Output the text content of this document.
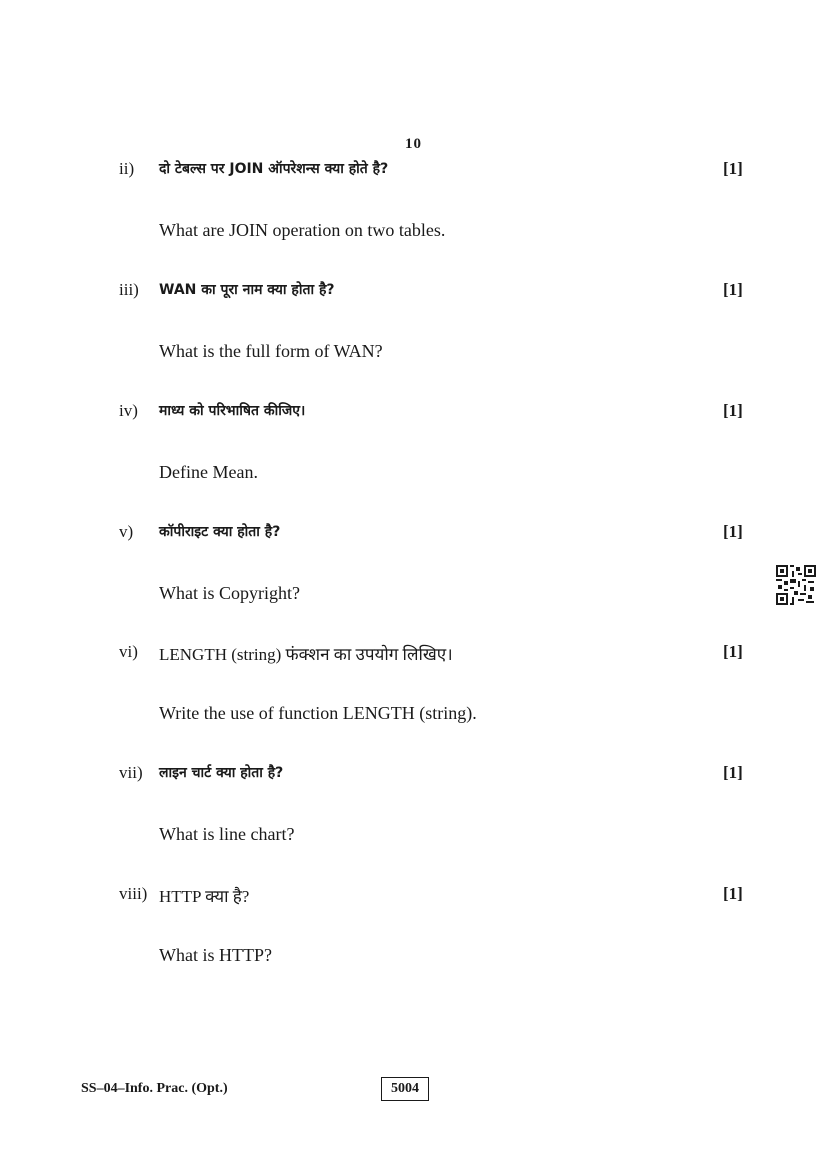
10
ii) दो टेबल्स पर JOIN ऑपरेशन्स क्या होते है?	[1]
What are JOIN operation on two tables.
iii) WAN का पूरा नाम क्या होता है?	[1]
What is the full form of WAN?
iv) माध्य को परिभाषित कीजिए।	[1]
Define Mean.
v) कॉपीराइट क्या होता है?	[1]
What is Copyright?
vi) LENGTH (string) फंक्शन का उपयोग लिखिए।	[1]
Write the use of function LENGTH (string).
vii) लाइन चार्ट क्या होता है?	[1]
What is line chart?
viii) HTTP क्या है?	[1]
What is HTTP?
SS–04–Info. Prac. (Opt.)	5004
